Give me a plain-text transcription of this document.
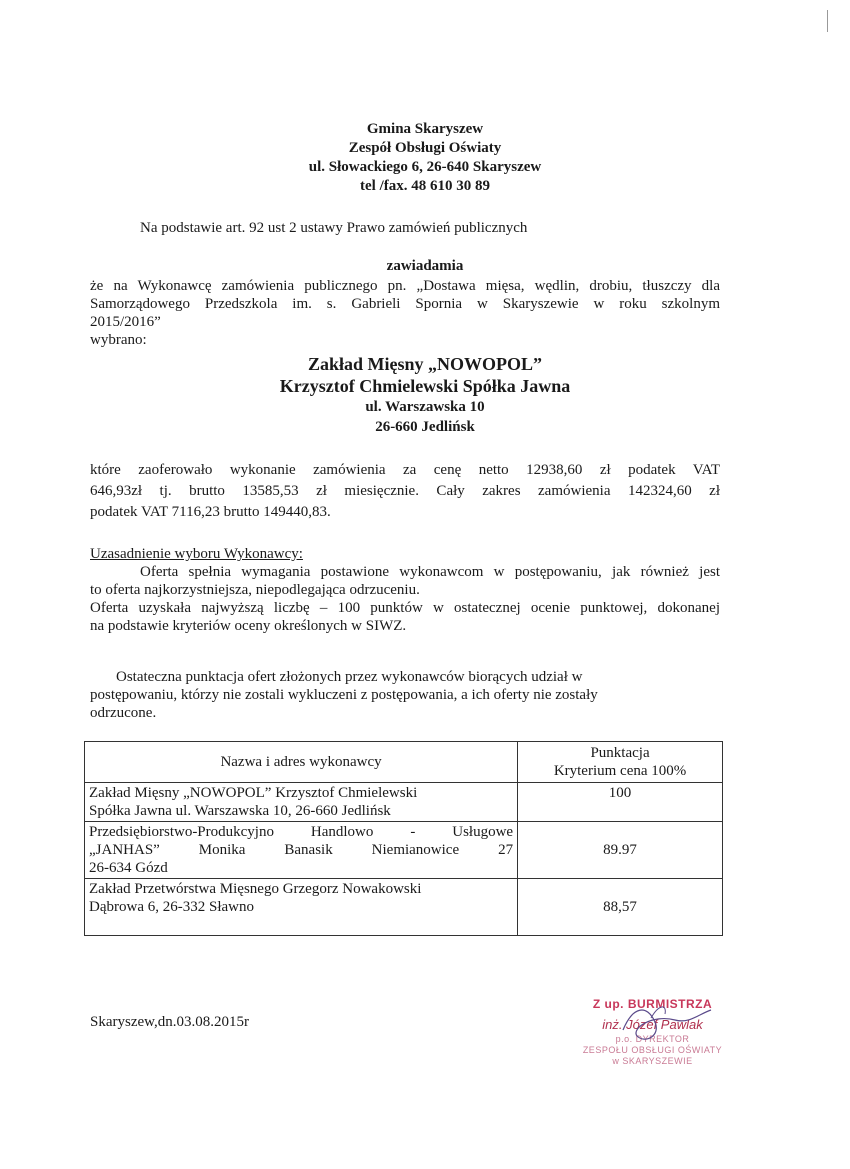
Gmina Skaryszew
Zespół Obsługi Oświaty
ul. Słowackiego 6, 26-640 Skaryszew
tel /fax. 48 610 30 89
Na podstawie art. 92 ust 2 ustawy Prawo zamówień publicznych
zawiadamia
że na Wykonawcę zamówienia publicznego pn. „Dostawa mięsa, wędlin, drobiu, tłuszczy dla
Samorządowego Przedszkola im. s. Gabrieli Spornia w Skaryszewie w roku szkolnym
2015/2016”
wybrano:
Zakład Mięsny „NOWOPOL”
Krzysztof Chmielewski Spółka Jawna
ul. Warszawska 10
26-660 Jedlińsk
które zaoferowało wykonanie zamówienia za cenę netto 12938,60 zł podatek VAT
646,93zł tj. brutto 13585,53 zł miesięcznie. Cały zakres zamówienia 142324,60 zł
podatek VAT 7116,23 brutto 149440,83.
Uzasadnienie wyboru Wykonawcy:
Oferta spełnia wymagania postawione wykonawcom w postępowaniu, jak również jest
to oferta najkorzystniejsza, niepodlegająca odrzuceniu.
Oferta uzyskała najwyższą liczbę – 100 punktów w ostatecznej ocenie punktowej, dokonanej
na podstawie kryteriów oceny określonych w SIWZ.
Ostateczna punktacja ofert złożonych przez wykonawców biorących udział w
postępowaniu, którzy nie zostali wykluczeni z postępowania, a ich oferty nie zostały
odrzucone.
Nazwa i adres wykonawcy	Punktacja
Kryterium cena 100%

Zakład Mięsny „NOWOPOL” Krzysztof Chmielewski
Spółka Jawna ul. Warszawska 10, 26-660 Jedlińsk	100

Przedsiębiorstwo-Produkcyjno Handlowo - Usługowe
„JANHAS” Monika Banasik Niemianowice 27
26-634 Gózd	89.97

Zakład Przetwórstwa Mięsnego Grzegorz Nowakowski
Dąbrowa 6, 26-332 Sławno	88,57
Skaryszew,dn.03.08.2015r
Z up. BURMISTRZA
inż. Józef Pawlak
p.o. DYREKTOR
ZESPOŁU OBSŁUGI OŚWIATY
w SKARYSZEWIE
